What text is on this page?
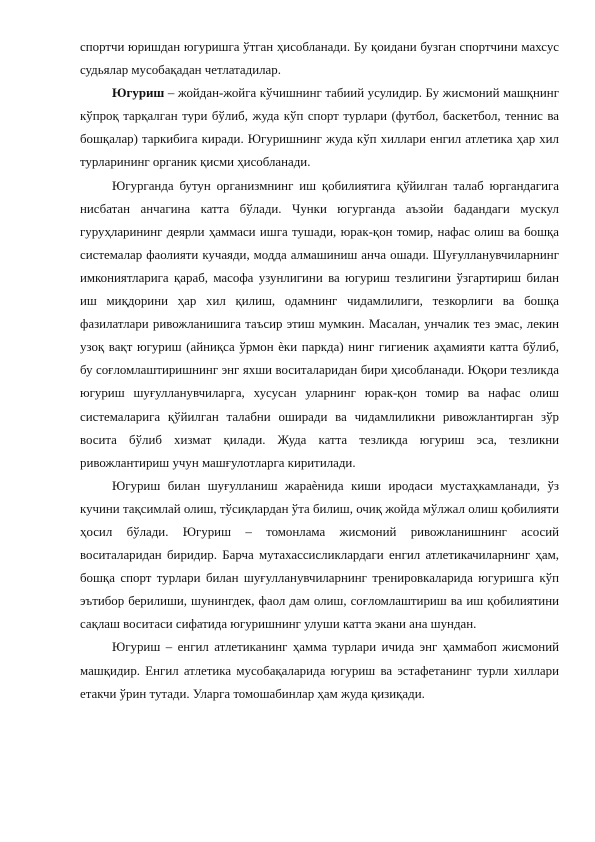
спортчи юришдан югуришга ўтган ҳисобланади. Бу қоидани бузган спортчини махсус судьялар мусобақадан четлатадилар.

Югуриш – жойдан-жойга кўчишнинг табиий усулидир. Бу жисмоний машқнинг кўпроқ тарқалган тури бўлиб, жуда кўп спорт турлари (футбол, баскетбол, теннис ва бошқалар) таркибига киради. Югуришнинг жуда кўп хиллари енгил атлетика ҳар хил турларининг органик қисми ҳисобланади.

Югурганда бутун организмнинг иш қобилиятига қўйилган талаб юргандагига нисбатан анчагина катта бўлади. Чунки югурганда аъзойи бадандаги мускул гуруҳларининг деярли ҳаммаси ишга тушади, юрак-қон томир, нафас олиш ва бошқа системалар фаолияти кучаяди, модда алмашиниш анча ошади. Шуғулланувчиларнинг имкониятларига қараб, масофа узунлигини ва югуриш тезлигини ўзгартириш билан иш миқдорини ҳар хил қилиш, одамнинг чидамлилиги, тезкорлиги ва бошқа фазилатлари ривожланишига таъсир этиш мумкин. Масалан, унчалик тез эмас, лекин узоқ вақт югуриш (айниқса ўрмон ѐки паркда) нинг гигиеник аҳамияти катта бўлиб, бу соғломлаштиришнинг энг яхши воситаларидан бири ҳисобланади. Юқори тезликда югуриш шуғулланувчиларга, хусусан уларнинг юрак-қон томир ва нафас олиш системаларига қўйилган талабни оширади ва чидамлиликни ривожлантирган зўр восита бўлиб хизмат қилади. Жуда катта тезликда югуриш эса, тезликни ривожлантириш учун машғулотларга киритилади.

Югуриш билан шуғулланиш жараѐнида киши иродаси мустаҳкамланади, ўз кучини тақсимлай олиш, тўсиқлардан ўта билиш, очиқ жойда мўлжал олиш қобилияти ҳосил бўлади. Югуриш – томонлама жисмоний ривожланишнинг асосий воситаларидан биридир. Барча мутахассисликлардаги енгил атлетикачиларнинг ҳам, бошқа спорт турлари билан шуғулланувчиларнинг тренировкаларида югуришга кўп эътибор берилиши, шунингдек, фаол дам олиш, соғломлаштириш ва иш қобилиятини сақлаш воситаси сифатида югуришнинг улуши катта экани ана шундан.

Югуриш – енгил атлетиканинг ҳамма турлари ичида энг ҳаммабоп жисмоний машқидир. Енгил атлетика мусобақаларида югуриш ва эстафетанинг турли хиллари етакчи ўрин тутади. Уларга томошабинлар ҳам жуда қизиқади.
